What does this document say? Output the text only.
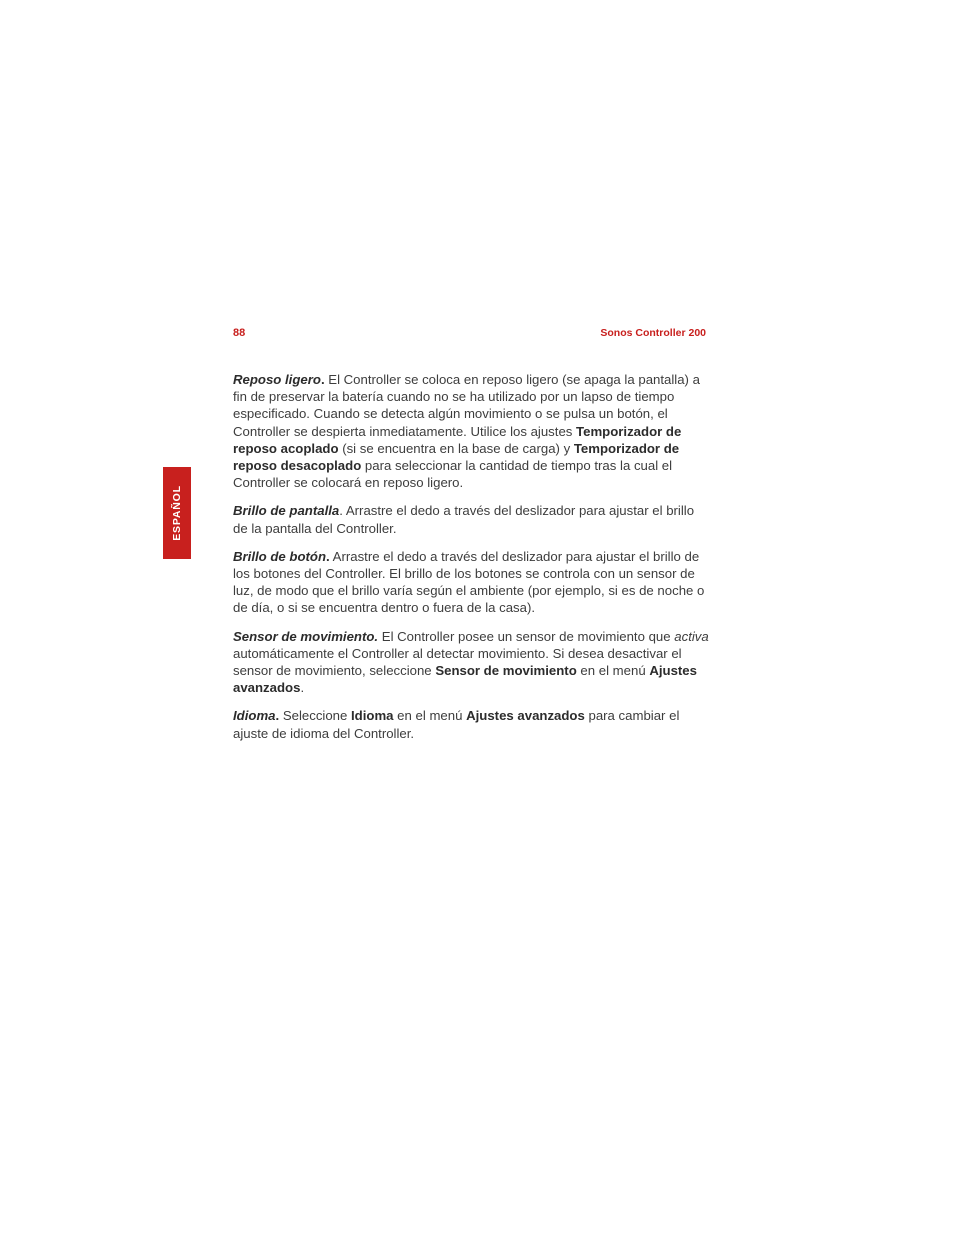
88	Sonos Controller 200
ESPAÑOL

Reposo ligero. El Controller se coloca en reposo ligero (se apaga la pantalla) a fin de preservar la batería cuando no se ha utilizado por un lapso de tiempo especificado. Cuando se detecta algún movimiento o se pulsa un botón, el Controller se despierta inmediatamente. Utilice los ajustes Temporizador de reposo acoplado (si se encuentra en la base de carga) y Temporizador de reposo desacoplado para seleccionar la cantidad de tiempo tras la cual el Controller se colocará en reposo ligero.

Brillo de pantalla. Arrastre el dedo a través del deslizador para ajustar el brillo de la pantalla del Controller.

Brillo de botón. Arrastre el dedo a través del deslizador para ajustar el brillo de los botones del Controller. El brillo de los botones se controla con un sensor de luz, de modo que el brillo varía según el ambiente (por ejemplo, si es de noche o de día, o si se encuentra dentro o fuera de la casa).

Sensor de movimiento. El Controller posee un sensor de movimiento que activa automáticamente el Controller al detectar movimiento. Si desea desactivar el sensor de movimiento, seleccione Sensor de movimiento en el menú Ajustes avanzados.

Idioma. Seleccione Idioma en el menú Ajustes avanzados para cambiar el ajuste de idioma del Controller.
